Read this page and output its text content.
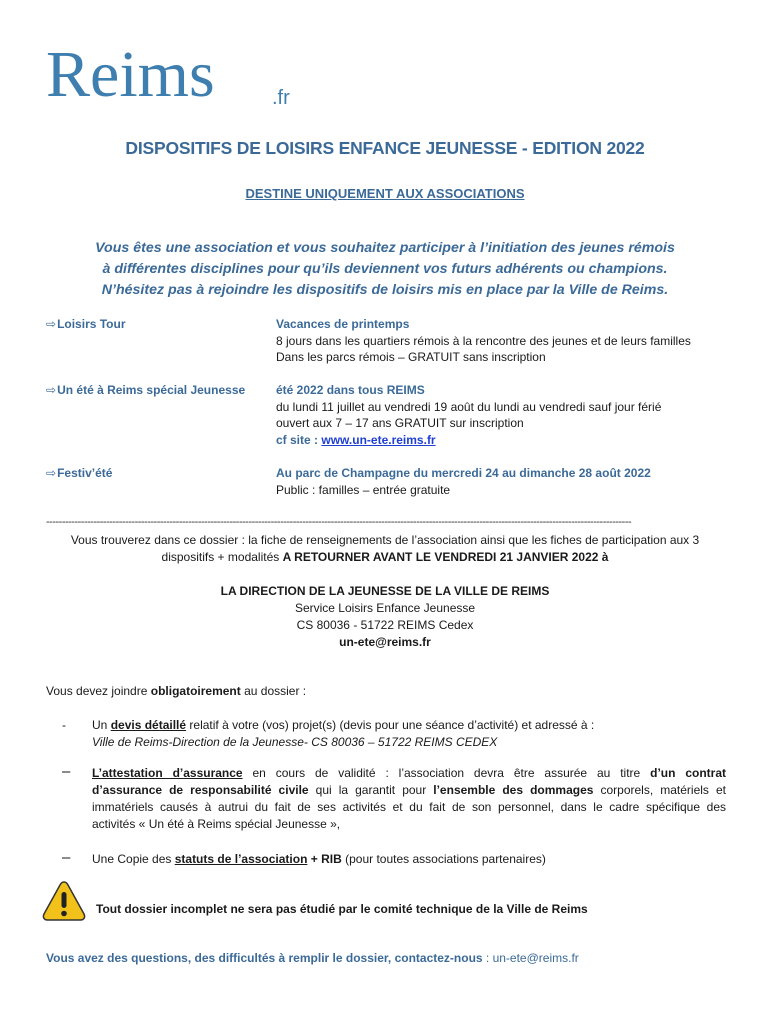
Reims	.fr
DISPOSITIFS DE LOISIRS ENFANCE JEUNESSE - EDITION 2022
DESTINE UNIQUEMENT AUX ASSOCIATIONS
Vous êtes une association et vous souhaitez participer à l’initiation des jeunes rémois
à différentes disciplines pour qu’ils deviennent vos futurs adhérents ou champions.
N’hésitez pas à rejoindre les dispositifs de loisirs mis en place par la Ville de Reims.
⇨Loisirs Tour	Vacances de printemps
8 jours dans les quartiers rémois à la rencontre des jeunes et de leurs familles
Dans les parcs rémois – GRATUIT sans inscription
⇨Un été à Reims spécial Jeunesse	été 2022 dans tous REIMS
du lundi 11 juillet au vendredi 19 août du lundi au vendredi sauf jour férié
ouvert aux 7 – 17 ans GRATUIT sur inscription
cf site : www.un-ete.reims.fr
⇨Festiv’été	Au parc de Champagne du mercredi 24 au dimanche 28 août 2022
Public : familles – entrée gratuite
-----------------------------------------------------------------------------------------------------------------------------------------------------------------------------------------
Vous trouverez dans ce dossier : la fiche de renseignements de l’association ainsi que les fiches de participation aux 3
dispositifs + modalités A RETOURNER AVANT LE VENDREDI 21 JANVIER 2022 à
LA DIRECTION DE LA JEUNESSE DE LA VILLE DE REIMS
Service Loisirs Enfance Jeunesse
CS 80036 - 51722 REIMS Cedex
un-ete@reims.fr
Vous devez joindre obligatoirement au dossier :
- Un devis détaillé relatif à votre (vos) projet(s) (devis pour une séance d’activité) et adressé à :
Ville de Reims-Direction de la Jeunesse- CS 80036 – 51722 REIMS CEDEX
– L’attestation d’assurance en cours de validité : l’association devra être assurée au titre d’un contrat
d’assurance de responsabilité civile qui la garantit pour l’ensemble des dommages corporels, matériels et
immatériels causés à autrui du fait de ses activités et du fait de son personnel, dans le cadre spécifique des
activités « Un été à Reims spécial Jeunesse »,
– Une Copie des statuts de l’association + RIB (pour toutes associations partenaires)
Tout dossier incomplet ne sera pas étudié par le comité technique de la Ville de Reims
Vous avez des questions, des difficultés à remplir le dossier, contactez-nous : un-ete@reims.fr
